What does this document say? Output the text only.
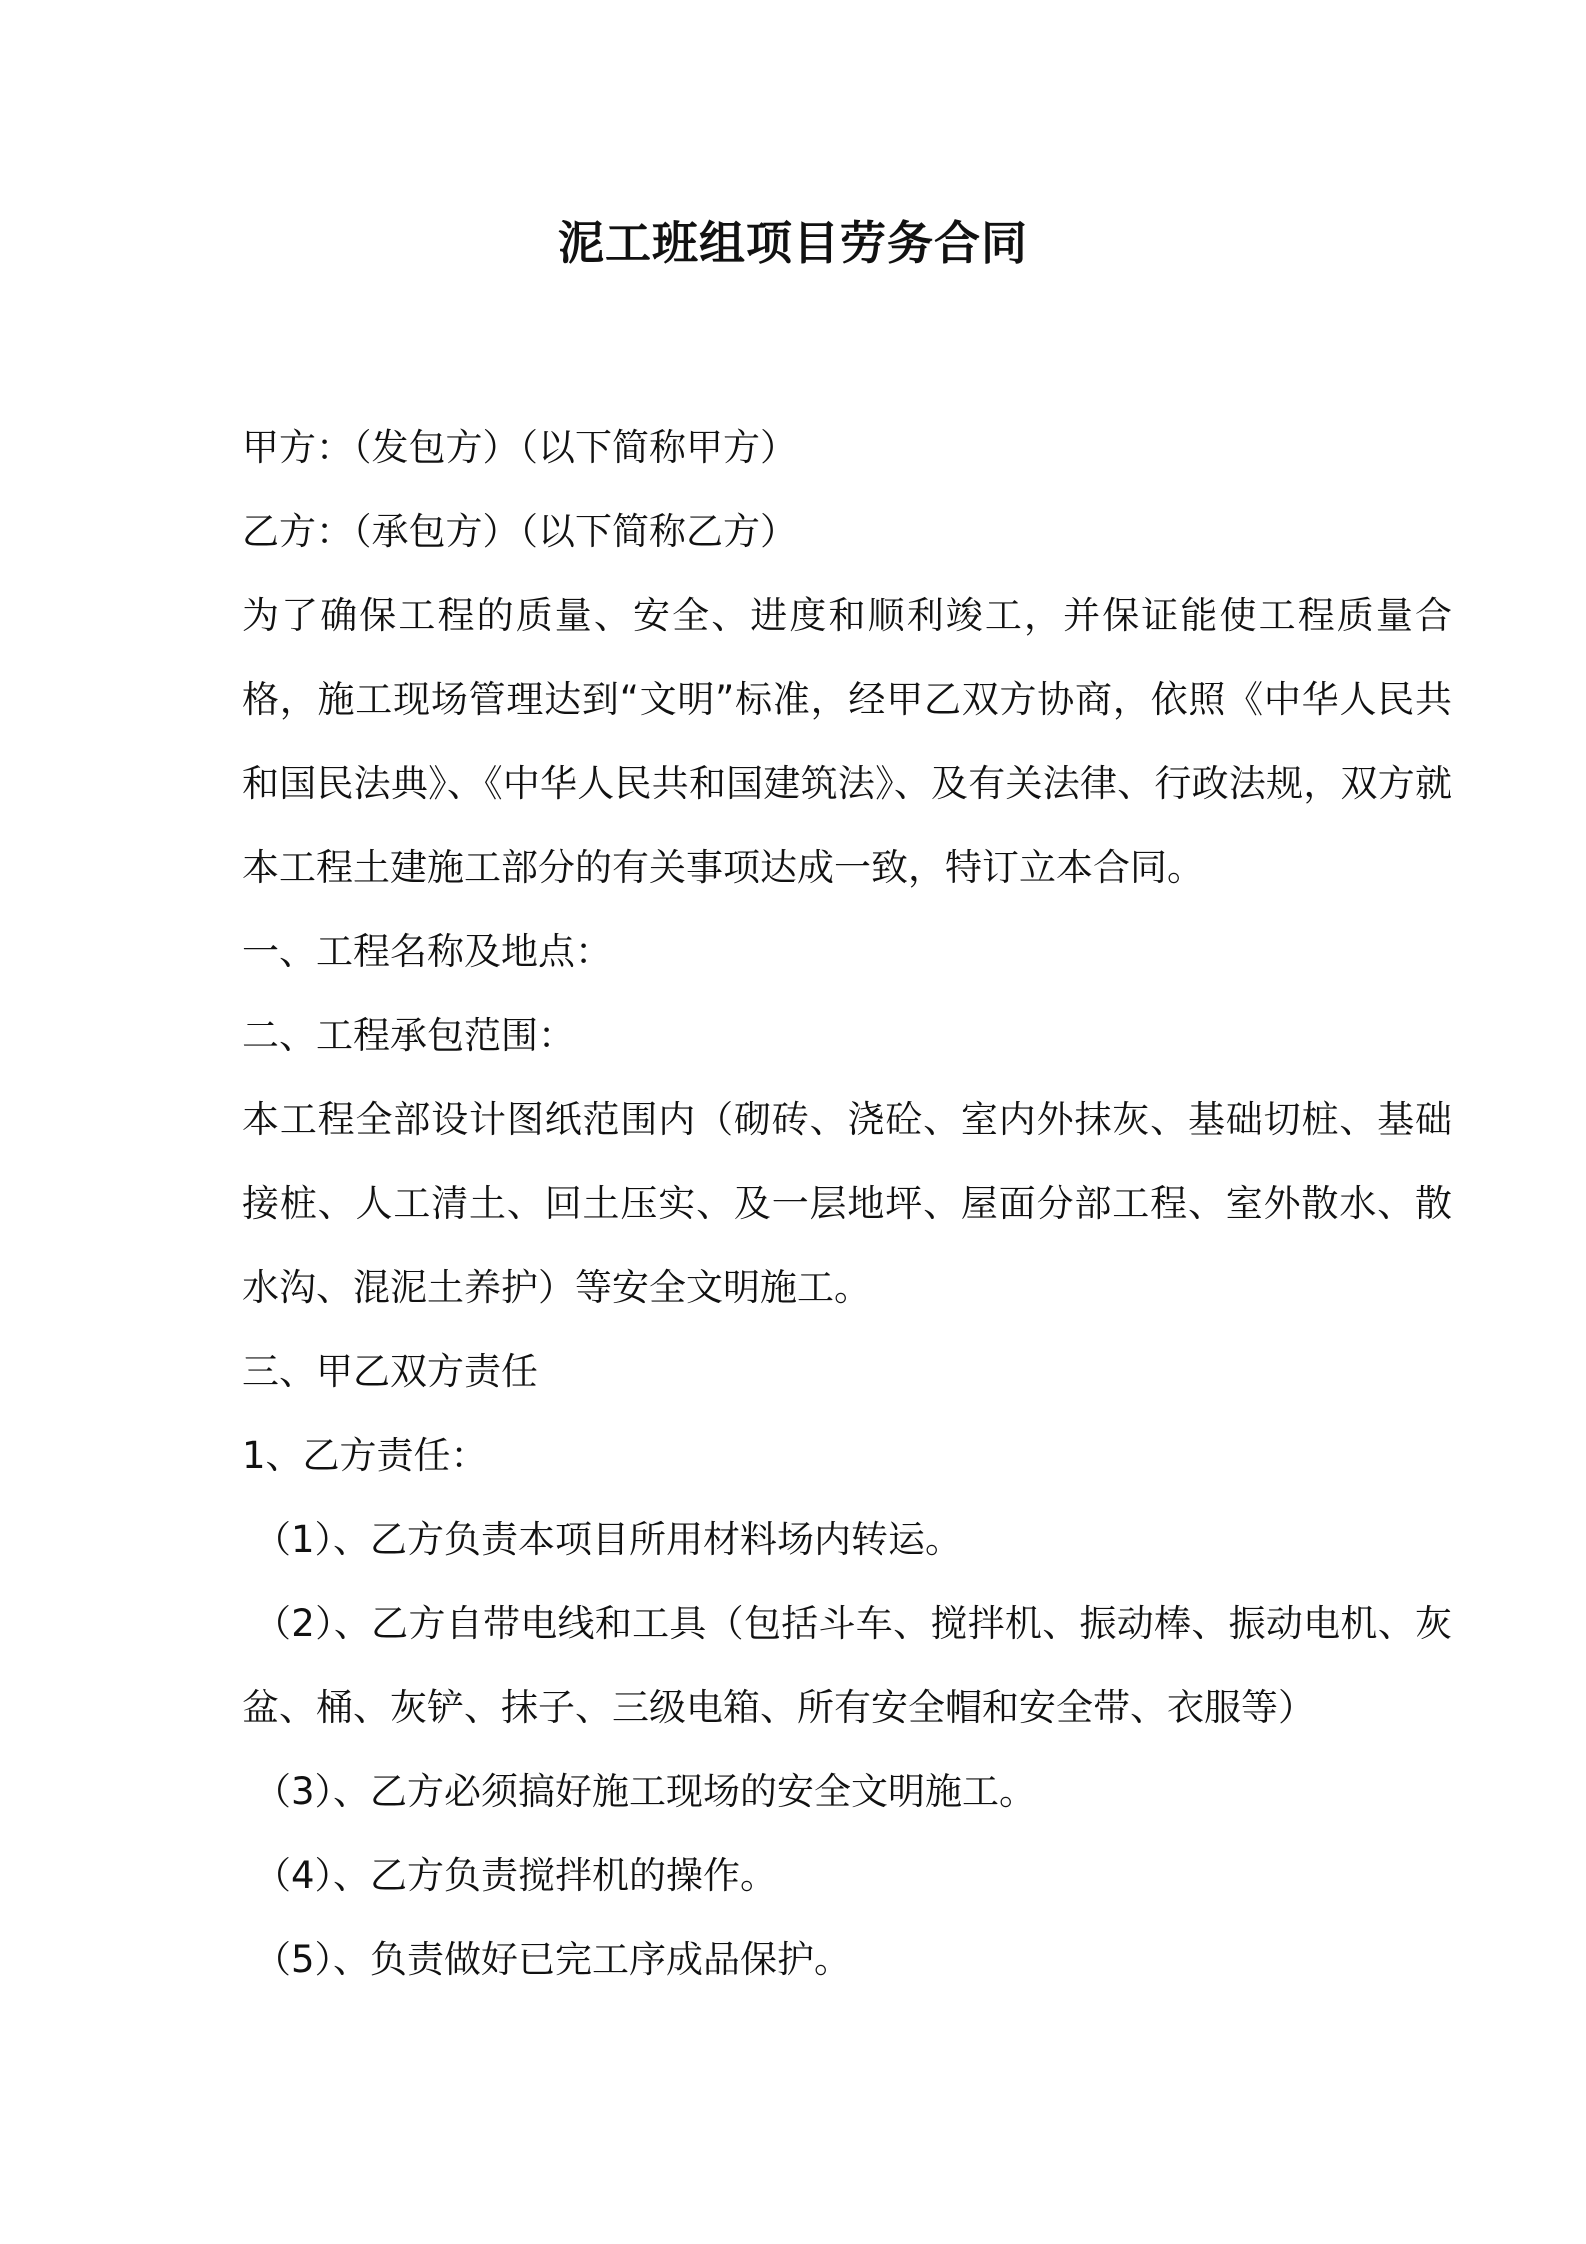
泥工班组项目劳务合同

甲方：（发包方）（以下简称甲方）

乙方：（承包方）（以下简称乙方）

为了确保工程的质量、安全、进度和顺利竣工，并保证能使工程质量合格，施工现场管理达到“文明”标准，经甲乙双方协商，依照《中华人民共和国民法典》、《中华人民共和国建筑法》、及有关法律、行政法规，双方就本工程土建施工部分的有关事项达成一致，特订立本合同。

一、工程名称及地点：

二、工程承包范围：

本工程全部设计图纸范围内（砌砖、浇砼、室内外抹灰、基础切桩、基础接桩、人工清土、回土压实、及一层地坪、屋面分部工程、室外散水、散水沟、混泥土养护）等安全文明施工。

三、甲乙双方责任

1、乙方责任：

（1）、乙方负责本项目所用材料场内转运。

（2）、乙方自带电线和工具（包括斗车、搅拌机、振动棒、振动电机、灰盆、桶、灰铲、抹子、三级电箱、所有安全帽和安全带、衣服等）

（3）、乙方必须搞好施工现场的安全文明施工。

（4）、乙方负责搅拌机的操作。

（5）、负责做好已完工序成品保护。
